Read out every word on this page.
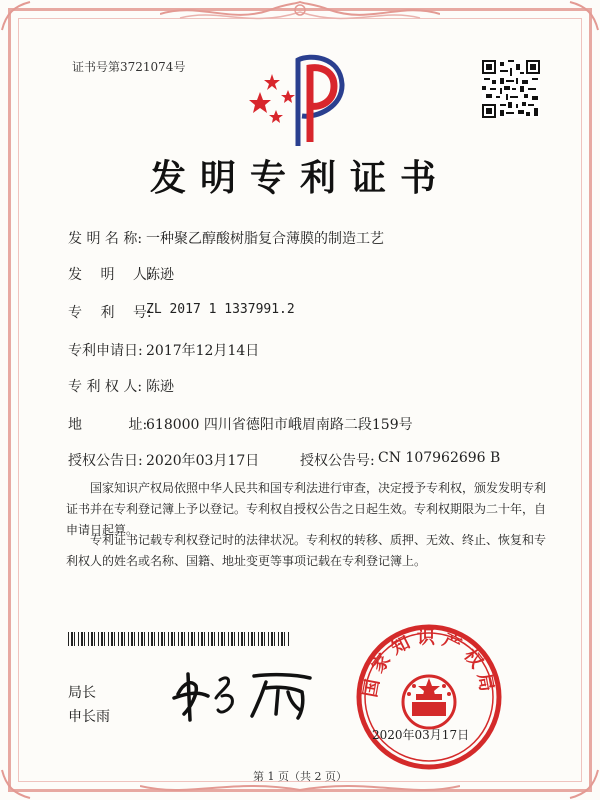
证书号第3721074号
发明专利证书
发 明 名 称: 一种聚乙醇酸树脂复合薄膜的制造工艺
发　 明 　人:
陈逊
专　 利 　号:
ZL 2017 1 1337991.2
专利申请日: 2017年12月14日
专 利 权 人: 陈逊
地　　　 址:
618000 四川省德阳市峨眉南路二段159号
授权公告日: 2020年03月17日	授权公告号: CN 107962696 B
国家知识产权局依照中华人民共和国专利法进行审查，决定授予专利权，颁发发明专利证书并在专利登记簿上予以登记。专利权自授权公告之日起生效。专利权期限为二十年，自申请日起算。
专利证书记载专利权登记时的法律状况。专利权的转移、质押、无效、终止、恢复和专利权人的姓名或名称、国籍、地址变更等事项记载在专利登记簿上。
局长
申长雨
国家知识产权局
2020年03月17日
第 1 页（共 2 页）
